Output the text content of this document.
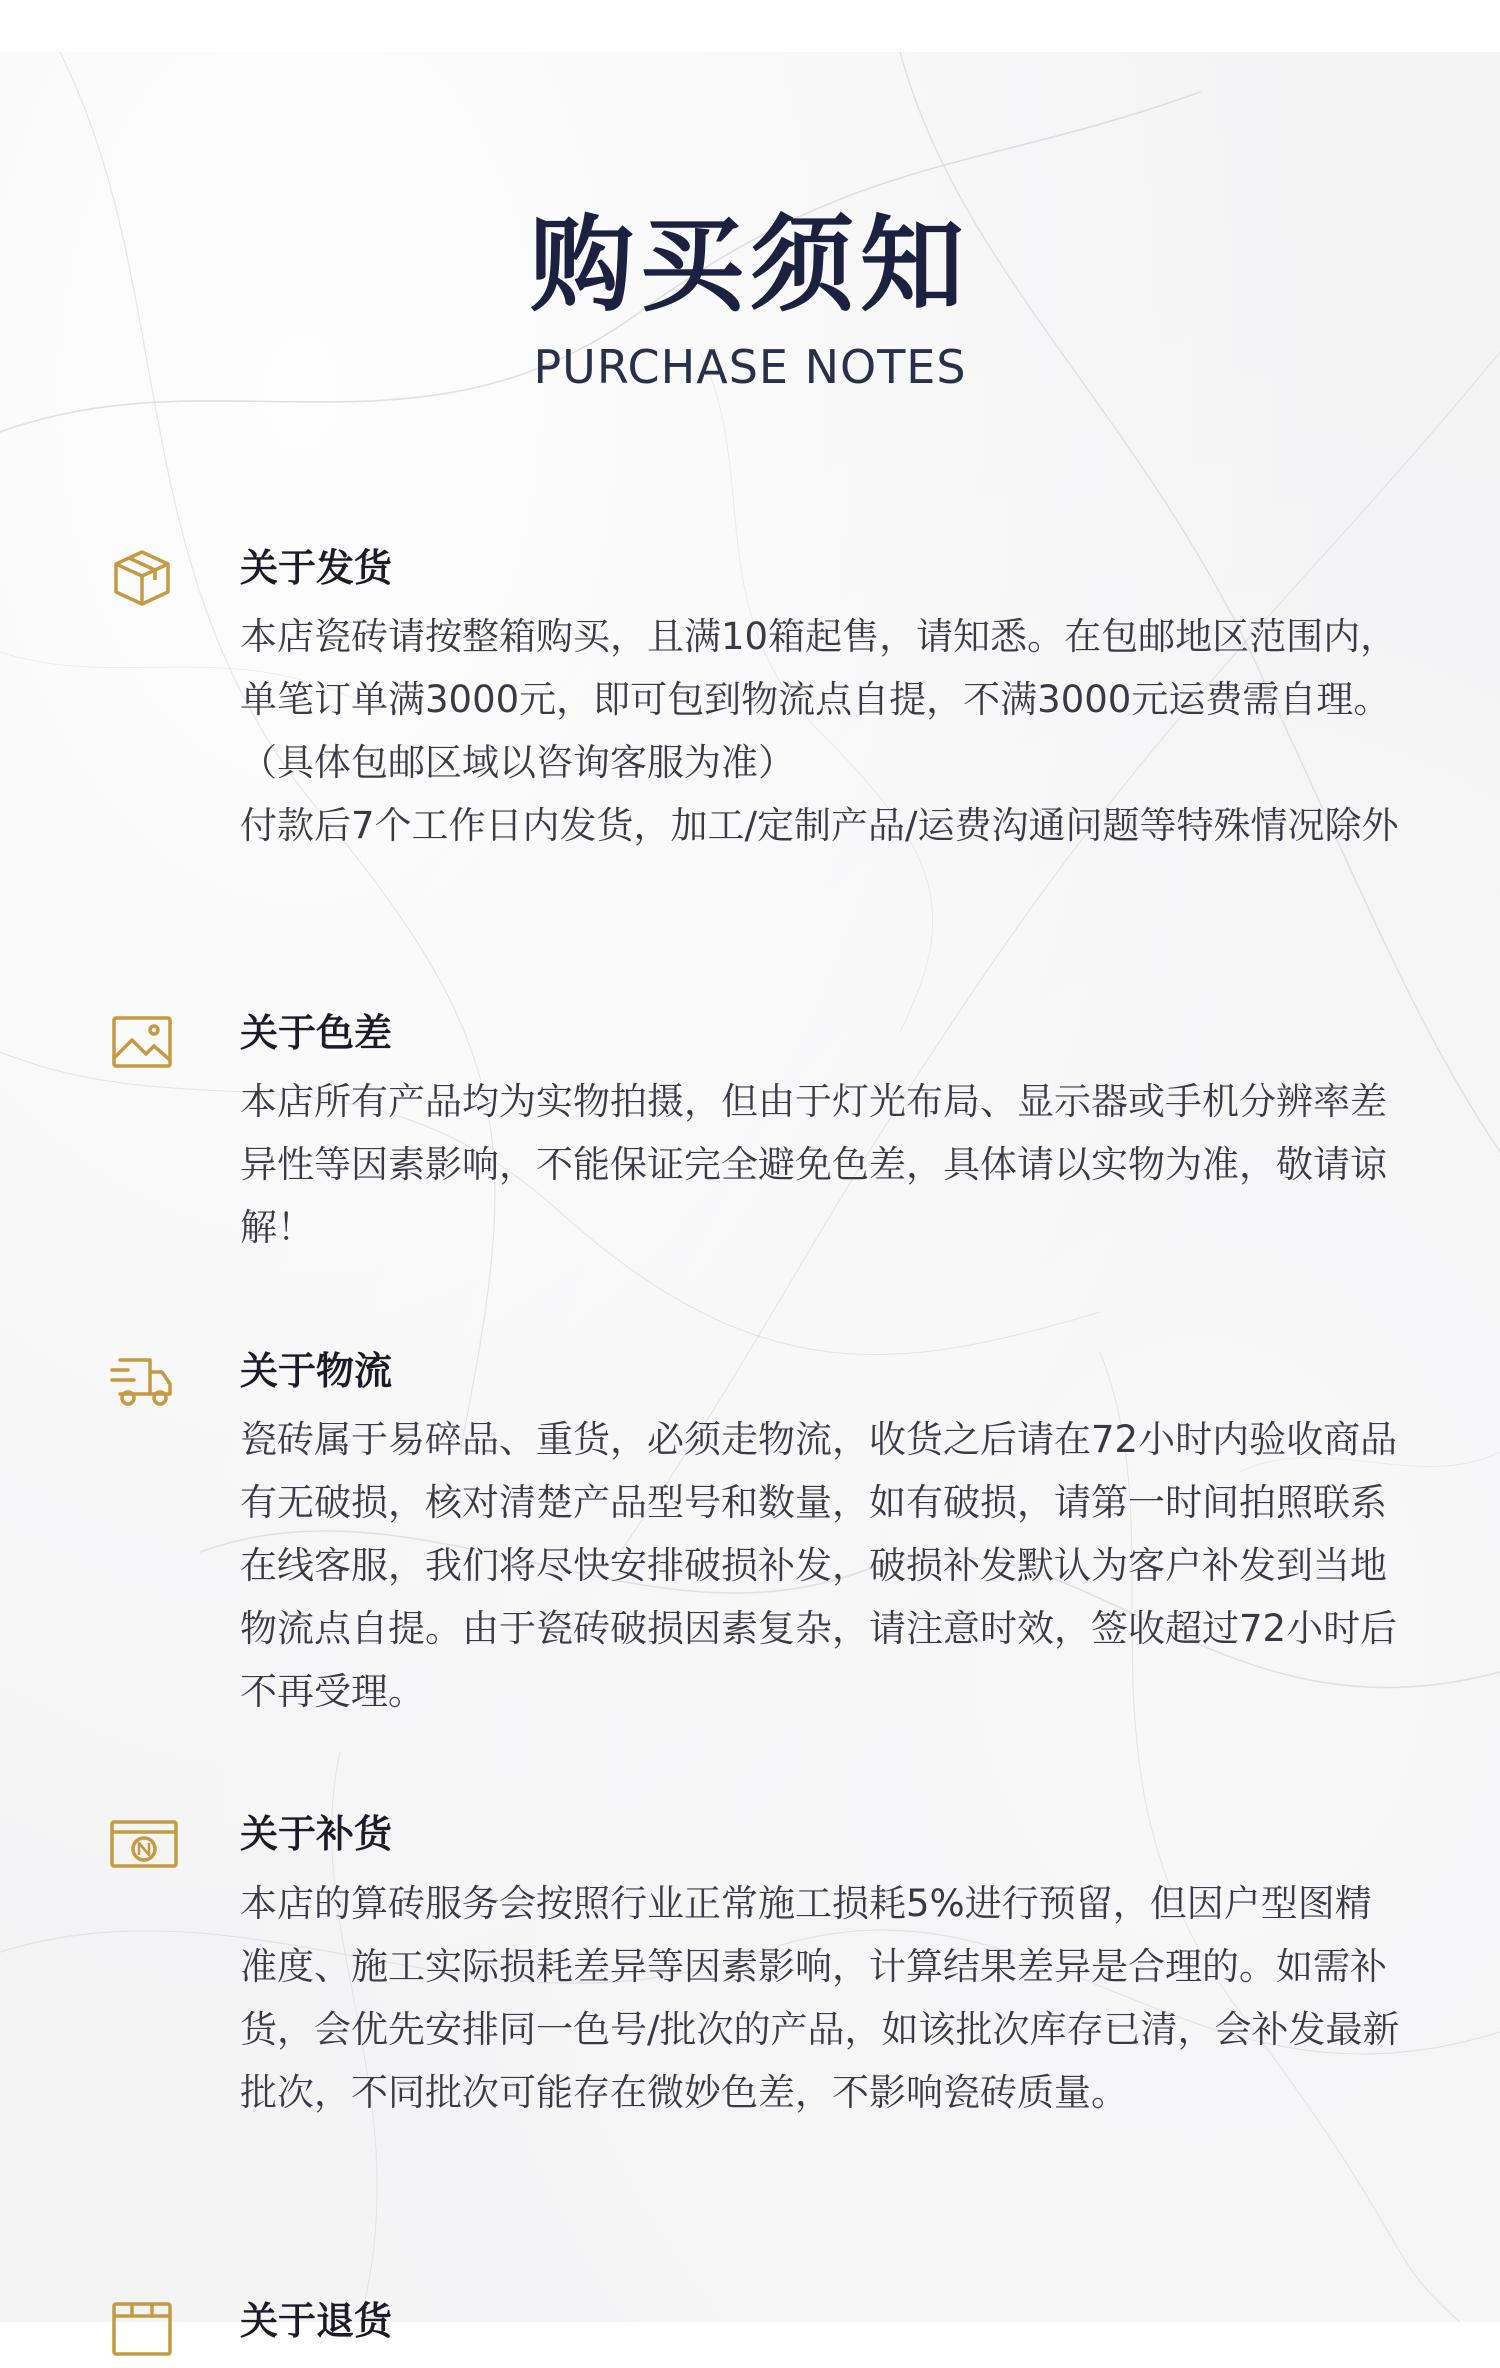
购买须知
PURCHASE NOTES
关于发货

本店瓷砖请按整箱购买，且满10箱起售，请知悉。在包邮地区范围内，单笔订单满3000元，即可包到物流点自提，不满3000元运费需自理。（具体包邮区域以咨询客服为准）

付款后7个工作日内发货，加工/定制产品/运费沟通问题等特殊情况除外

关于色差

本店所有产品均为实物拍摄，但由于灯光布局、显示器或手机分辨率差异性等因素影响，不能保证完全避免色差，具体请以实物为准，敬请谅解！

关于物流

瓷砖属于易碎品、重货，必须走物流，收货之后请在72小时内验收商品有无破损，核对清楚产品型号和数量，如有破损，请第一时间拍照联系在线客服，我们将尽快安排破损补发，破损补发默认为客户补发到当地物流点自提。由于瓷砖破损因素复杂，请注意时效，签收超过72小时后不再受理。

关于补货

本店的算砖服务会按照行业正常施工损耗5%进行预留，但因户型图精准度、施工实际损耗差异等因素影响，计算结果差异是合理的。如需补货，会优先安排同一色号/批次的产品，如该批次库存已清，会补发最新批次，不同批次可能存在微妙色差，不影响瓷砖质量。

关于退货
